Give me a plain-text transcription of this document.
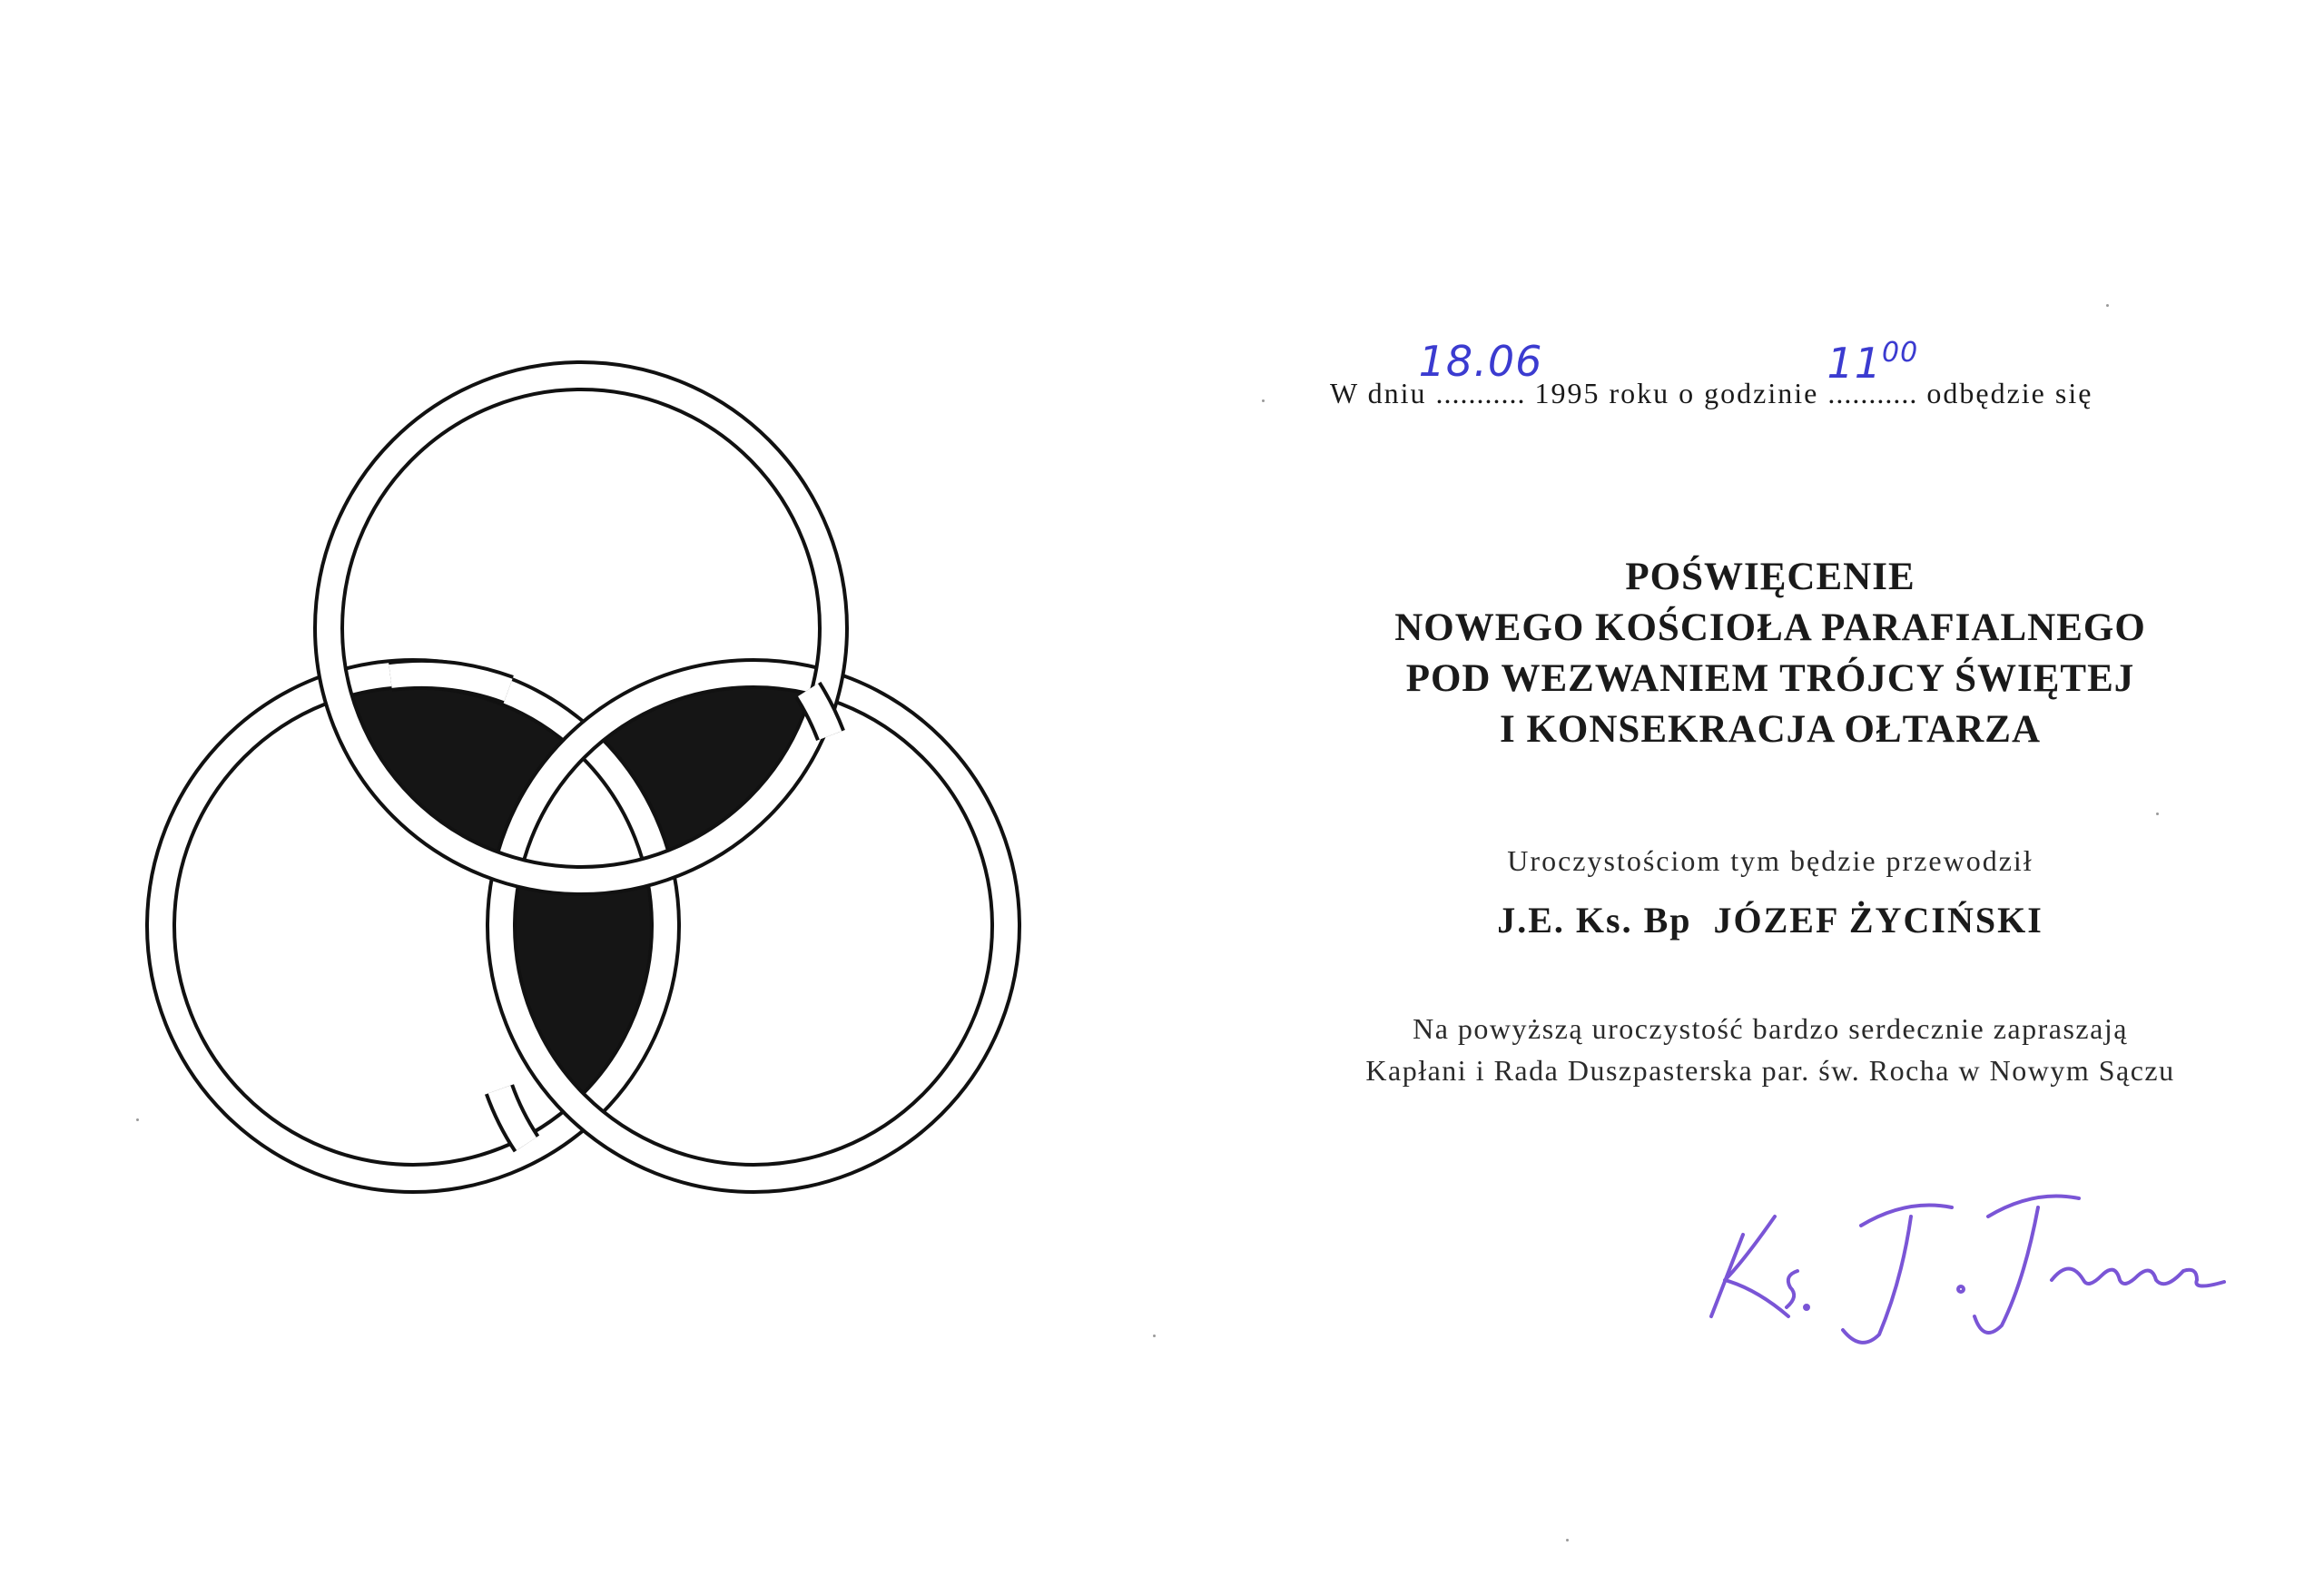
W dniu ...........
18.06
1995 roku o godzinie ...........
$11^{00}$
odbędzie się
POŚWIĘCENIE
NOWEGO KOŚCIOŁA PARAFIALNEGO
POD WEZWANIEM TRÓJCY ŚWIĘTEJ
I KONSEKRACJA OŁTARZA
Uroczystościom tym będzie przewodził
J.E. Ks. Bp  JÓZEF ŻYCIŃSKI
Na powyższą uroczystość bardzo serdecznie zapraszają
Kapłani i Rada Duszpasterska par. św. Rocha w Nowym Sączu
